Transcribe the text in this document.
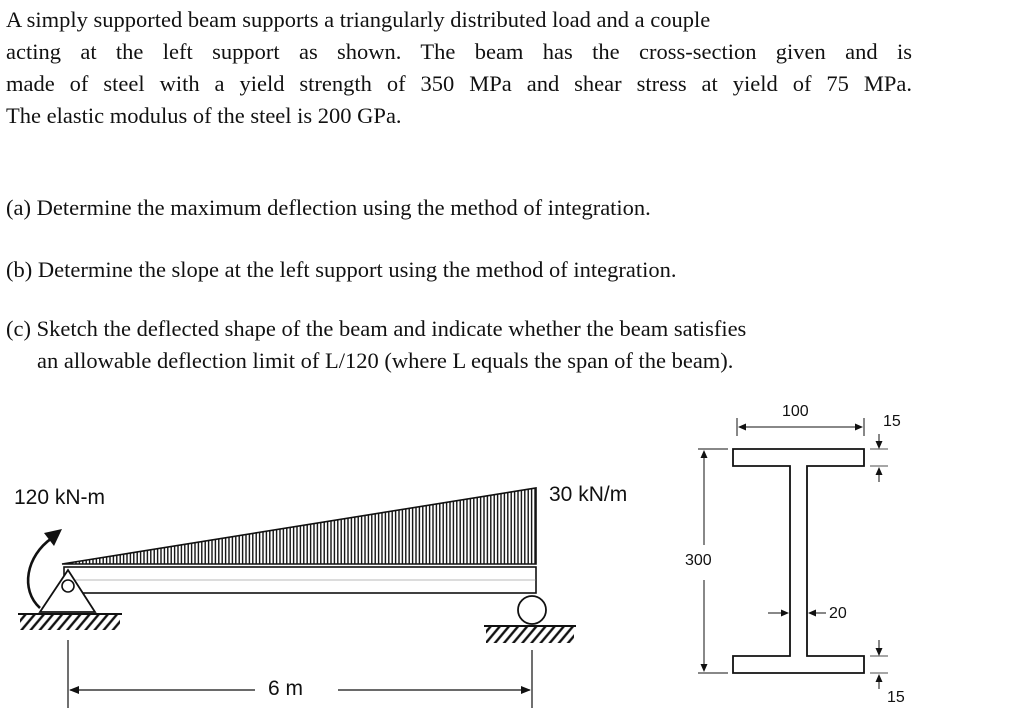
A simply supported beam supports a triangularly distributed load and a couple
acting at the left support as shown. The beam has the cross-section given and is
made of steel with a yield strength of 350 MPa and shear stress at yield of 75 MPa.
The elastic modulus of the steel is 200 GPa.

(a) Determine the maximum deflection using the method of integration.

(b) Determine the slope at the left support using the method of integration.

(c) Sketch the deflected shape of the beam and indicate whether the beam satisfies
an allowable deflection limit of L/120 (where L equals the span of the beam).
120 kN-m	30 kN/m
6 m
100
15
300
20
15
